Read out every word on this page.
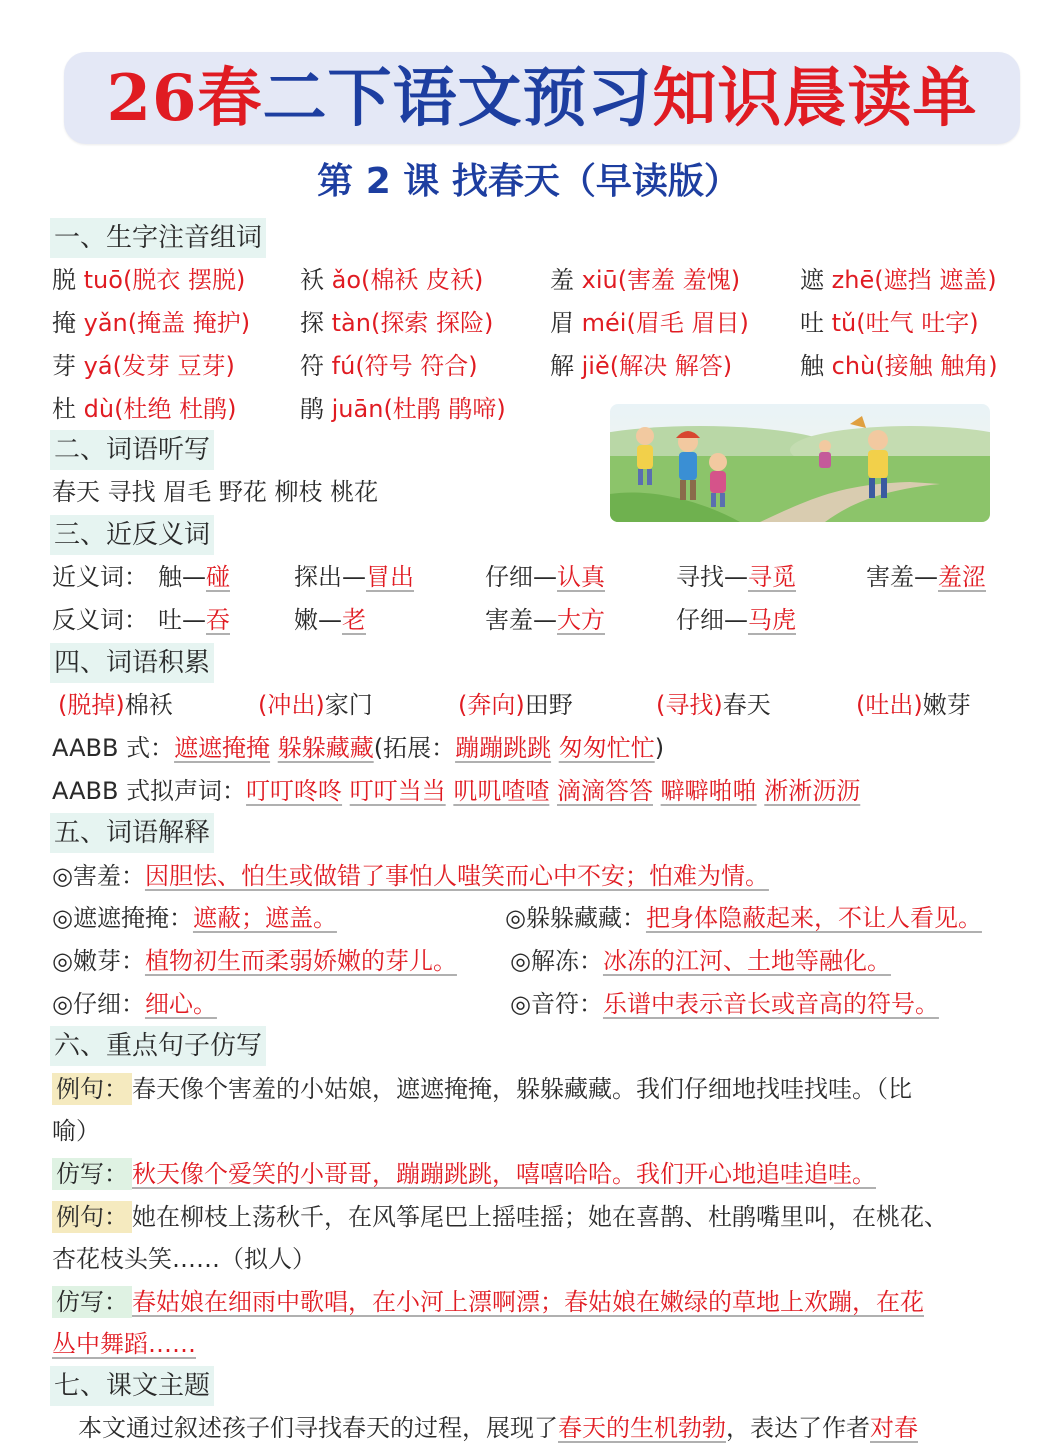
26春二下语文预习知识晨读单
第 2 课 找春天（早读版）
一、生字注音组词
脱 tuō(脱衣 摆脱) 袄 ǎo(棉袄 皮袄)	羞 xiū(害羞 羞愧) 遮 zhē(遮挡 遮盖)
掩 yǎn(掩盖 掩护) 探 tàn(探索 探险) 眉 méi(眉毛 眉目) 吐 tǔ(吐气 吐字)
芽 yá(发芽 豆芽)	符 fú(符号 符合)	解 jiě(解决 解答)	触 chù(接触 触角)
杜 dù(杜绝 杜鹃)	鹃 juān(杜鹃 鹃啼)
二、词语听写
春天 寻找 眉毛 野花 柳枝 桃花
三、近反义词
近义词： 触—碰	探出—冒出	仔细—认真	寻找—寻觅	害羞—羞涩
反义词： 吐—吞	嫩—老	害羞—大方	仔细—马虎
四、词语积累
(脱掉)棉袄	(冲出)家门	(奔向)田野	(寻找)春天	(吐出)嫩芽
AABB 式：遮遮掩掩 躲躲藏藏(拓展：蹦蹦跳跳 匆匆忙忙)
AABB 式拟声词：叮叮咚咚 叮叮当当 叽叽喳喳 滴滴答答 噼噼啪啪 淅淅沥沥
五、词语解释
◎害羞：因胆怯、怕生或做错了事怕人嗤笑而心中不安；怕难为情。
◎遮遮掩掩：遮蔽；遮盖。	◎躲躲藏藏：把身体隐蔽起来，不让人看见。
◎嫩芽：植物初生而柔弱娇嫩的芽儿。 ◎解冻：冰冻的江河、土地等融化。
◎仔细：细心。	◎音符：乐谱中表示音长或音高的符号。
六、重点句子仿写
例句： 春天像个害羞的小姑娘，遮遮掩掩，躲躲藏藏。我们仔细地找哇找哇。（比
喻）
仿写： 秋天像个爱笑的小哥哥，蹦蹦跳跳，嘻嘻哈哈。我们开心地追哇追哇。
例句： 她在柳枝上荡秋千，在风筝尾巴上摇哇摇；她在喜鹊、杜鹃嘴里叫，在桃花、
杏花枝头笑……（拟人）
仿写： 春姑娘在细雨中歌唱，在小河上漂啊漂；春姑娘在嫩绿的草地上欢蹦，在花
丛中舞蹈……
七、课文主题
本文通过叙述孩子们寻找春天的过程，展现了春天的生机勃勃，表达了作者对春
